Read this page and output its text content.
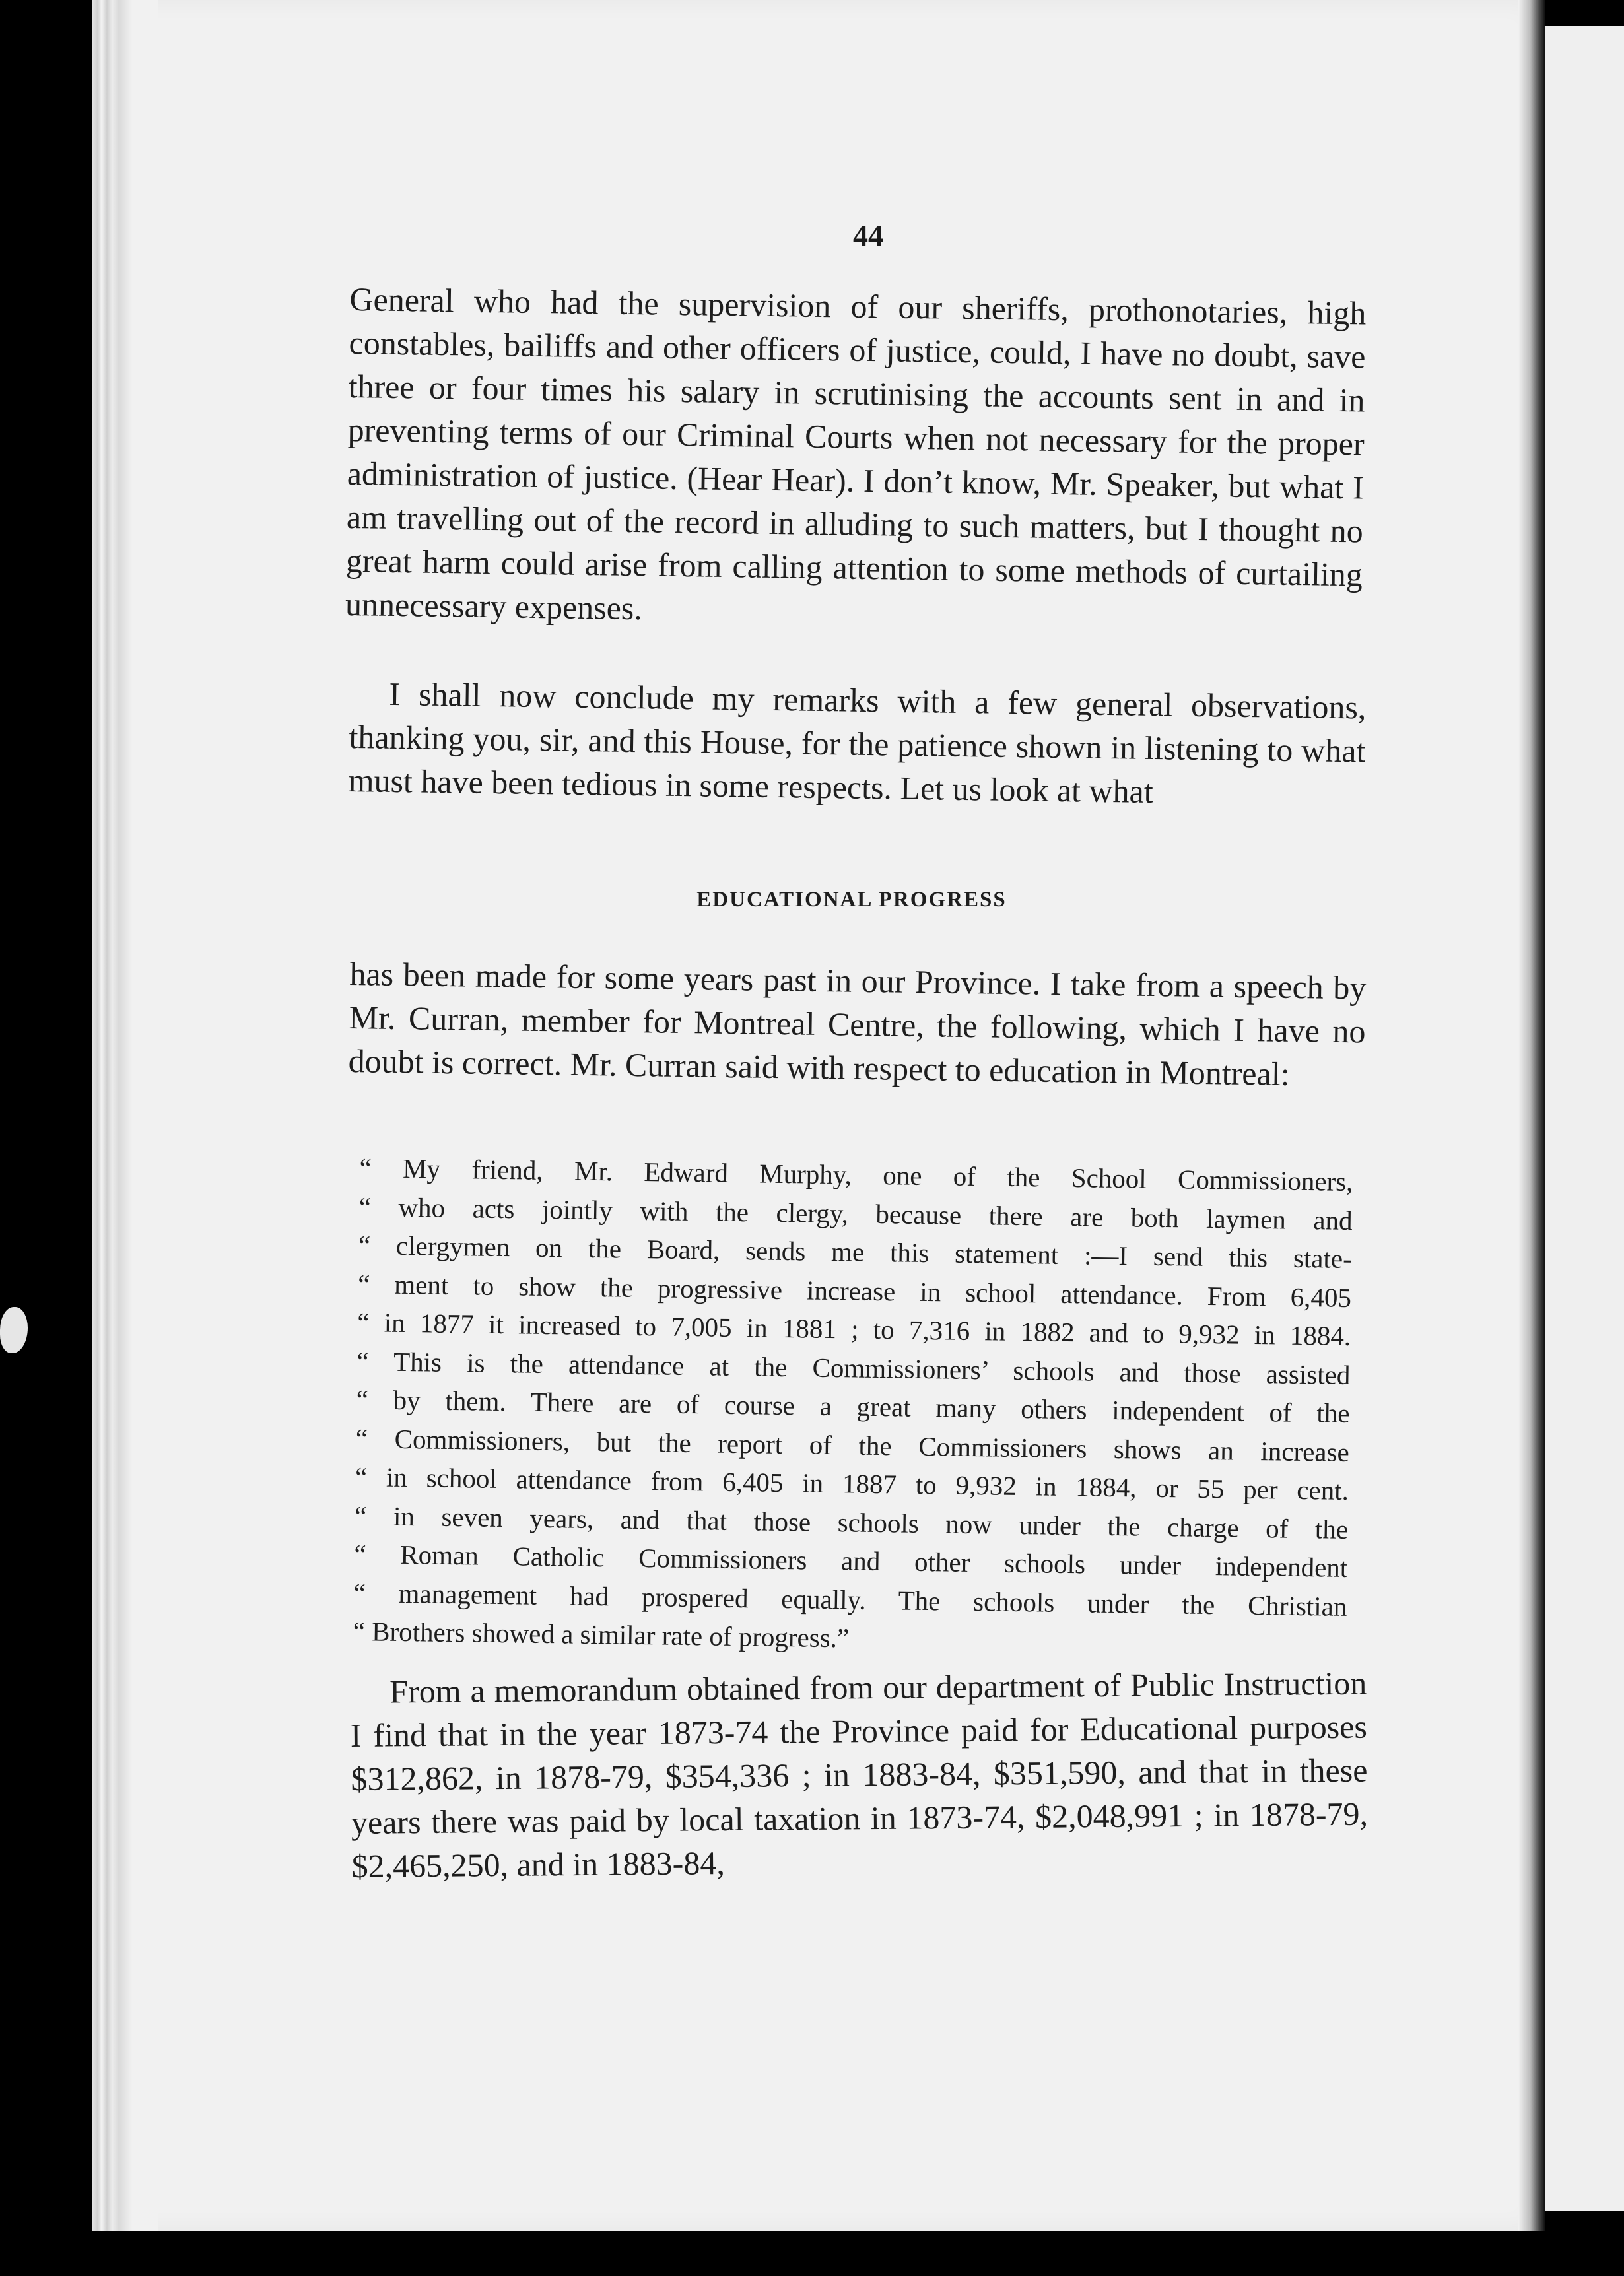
44

General who had the supervision of our sheriffs, prothonotaries, high constables, bailiffs and other officers of justice, could, I have no doubt, save three or four times his salary in scrutinising the accounts sent in and in preventing terms of our Criminal Courts when not necessary for the proper administration of justice. (Hear Hear). I don’t know, Mr. Speaker, but what I am travelling out of the record in alluding to such matters, but I thought no great harm could arise from calling attention to some methods of curtailing unnecessary expenses.

I shall now conclude my remarks with a few general observations, thanking you, sir, and this House, for the patience shown in listening to what must have been tedious in some respects. Let us look at what

EDUCATIONAL PROGRESS

has been made for some years past in our Province. I take from a speech by Mr. Curran, member for Montreal Centre, the following, which I have no doubt is correct. Mr. Curran said with respect to education in Montreal:

“ My friend, Mr. Edward Murphy, one of the School Commissioners,
“ who acts jointly with the clergy, because there are both laymen and
“ clergymen on the Board, sends me this statement :—I send this state-
“ ment to show the progressive increase in school attendance. From 6,405
“ in 1877 it increased to 7,005 in 1881 ; to 7,316 in 1882 and to 9,932 in 1884.
“ This is the attendance at the Commissioners’ schools and those assisted
“ by them. There are of course a great many others independent of the
“ Commissioners, but the report of the Commissioners shows an increase
“ in school attendance from 6,405 in 1887 to 9,932 in 1884, or 55 per cent.
“ in seven years, and that those schools now under the charge of the
“ Roman Catholic Commissioners and other schools under independent
“ management had prospered equally. The schools under the Christian
“ Brothers showed a similar rate of progress.”

From a memorandum obtained from our department of Public Instruction I find that in the year 1873-74 the Province paid for Educational purposes $312,862, in 1878-79, $354,336 ; in 1883-84, $351,590, and that in these years there was paid by local taxation in 1873-74, $2,048,991 ; in 1878-79, $2,465,250, and in 1883-84,
